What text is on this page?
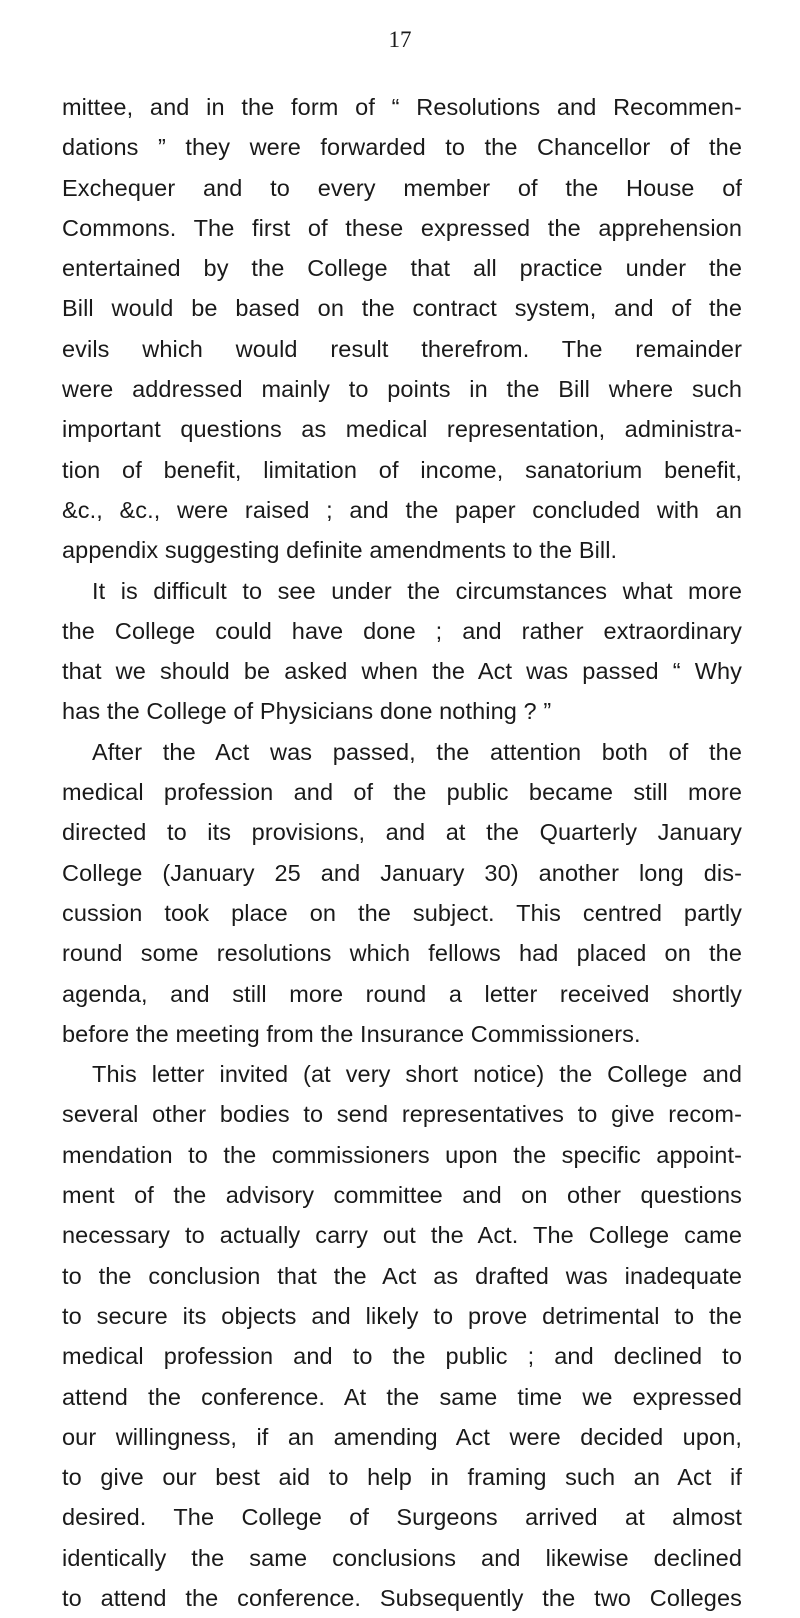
17
mittee, and in the form of “ Resolutions and Recommen-
dations ” they were forwarded to the Chancellor of the
Exchequer and to every member of the House of
Commons. The first of these expressed the apprehension
entertained by the College that all practice under the
Bill would be based on the contract system, and of the
evils which would result therefrom. The remainder
were addressed mainly to points in the Bill where such
important questions as medical representation, administra-
tion of benefit, limitation of income, sanatorium benefit,
&c., &c., were raised ; and the paper concluded with an
appendix suggesting definite amendments to the Bill.
It is difficult to see under the circumstances what more
the College could have done ; and rather extraordinary
that we should be asked when the Act was passed “ Why
has the College of Physicians done nothing ? ”
After the Act was passed, the attention both of the
medical profession and of the public became still more
directed to its provisions, and at the Quarterly January
College (January 25 and January 30) another long dis-
cussion took place on the subject. This centred partly
round some resolutions which fellows had placed on the
agenda, and still more round a letter received shortly
before the meeting from the Insurance Commissioners.
This letter invited (at very short notice) the College and
several other bodies to send representatives to give recom-
mendation to the commissioners upon the specific appoint-
ment of the advisory committee and on other questions
necessary to actually carry out the Act. The College came
to the conclusion that the Act as drafted was inadequate
to secure its objects and likely to prove detrimental to the
medical profession and to the public ; and declined to
attend the conference. At the same time we expressed
our willingness, if an amending Act were decided upon,
to give our best aid to help in framing such an Act if
desired. The College of Surgeons arrived at almost
identically the same conclusions and likewise declined
to attend the conference. Subsequently the two Colleges
